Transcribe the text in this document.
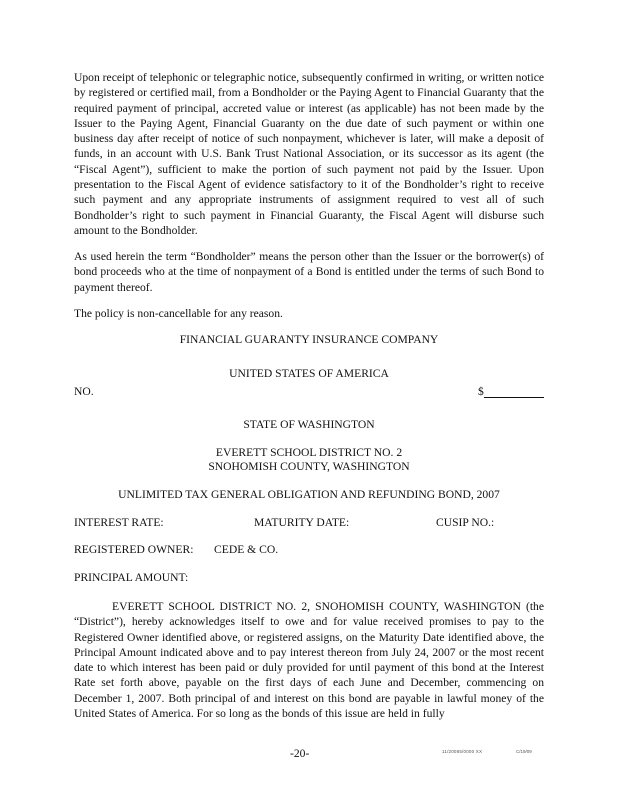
Upon receipt of telephonic or telegraphic notice, subsequently confirmed in writing, or written notice by registered or certified mail, from a Bondholder or the Paying Agent to Financial Guaranty that the required payment of principal, accreted value or interest (as applicable) has not been made by the Issuer to the Paying Agent, Financial Guaranty on the due date of such payment or within one business day after receipt of notice of such nonpayment, whichever is later, will make a deposit of funds, in an account with U.S. Bank Trust National Association, or its successor as its agent (the “Fiscal Agent”), sufficient to make the portion of such payment not paid by the Issuer. Upon presentation to the Fiscal Agent of evidence satisfactory to it of the Bondholder’s right to receive such payment and any appropriate instruments of assignment required to vest all of such Bondholder’s right to such payment in Financial Guaranty, the Fiscal Agent will disburse such amount to the Bondholder.
As used herein the term “Bondholder” means the person other than the Issuer or the borrower(s) of bond proceeds who at the time of nonpayment of a Bond is entitled under the terms of such Bond to payment thereof.
The policy is non-cancellable for any reason.
FINANCIAL GUARANTY INSURANCE COMPANY
UNITED STATES OF AMERICA
NO.	$
STATE OF WASHINGTON
EVERETT SCHOOL DISTRICT NO. 2
SNOHOMISH COUNTY, WASHINGTON
UNLIMITED TAX GENERAL OBLIGATION AND REFUNDING BOND, 2007
INTEREST RATE:	MATURITY DATE:	CUSIP NO.:
REGISTERED OWNER: CEDE & CO.
PRINCIPAL AMOUNT:
EVERETT SCHOOL DISTRICT NO. 2, SNOHOMISH COUNTY, WASHINGTON (the “District”), hereby acknowledges itself to owe and for value received promises to pay to the Registered Owner identified above, or registered assigns, on the Maturity Date identified above, the Principal Amount indicated above and to pay interest thereon from July 24, 2007 or the most recent date to which interest has been paid or duly provided for until payment of this bond at the Interest Rate set forth above, payable on the first days of each June and December, commencing on December 1, 2007. Both principal of and interest on this bond are payable in lawful money of the United States of America. For so long as the bonds of this issue are held in fully
-20-	11/20085/0000 XX	C/19/09
